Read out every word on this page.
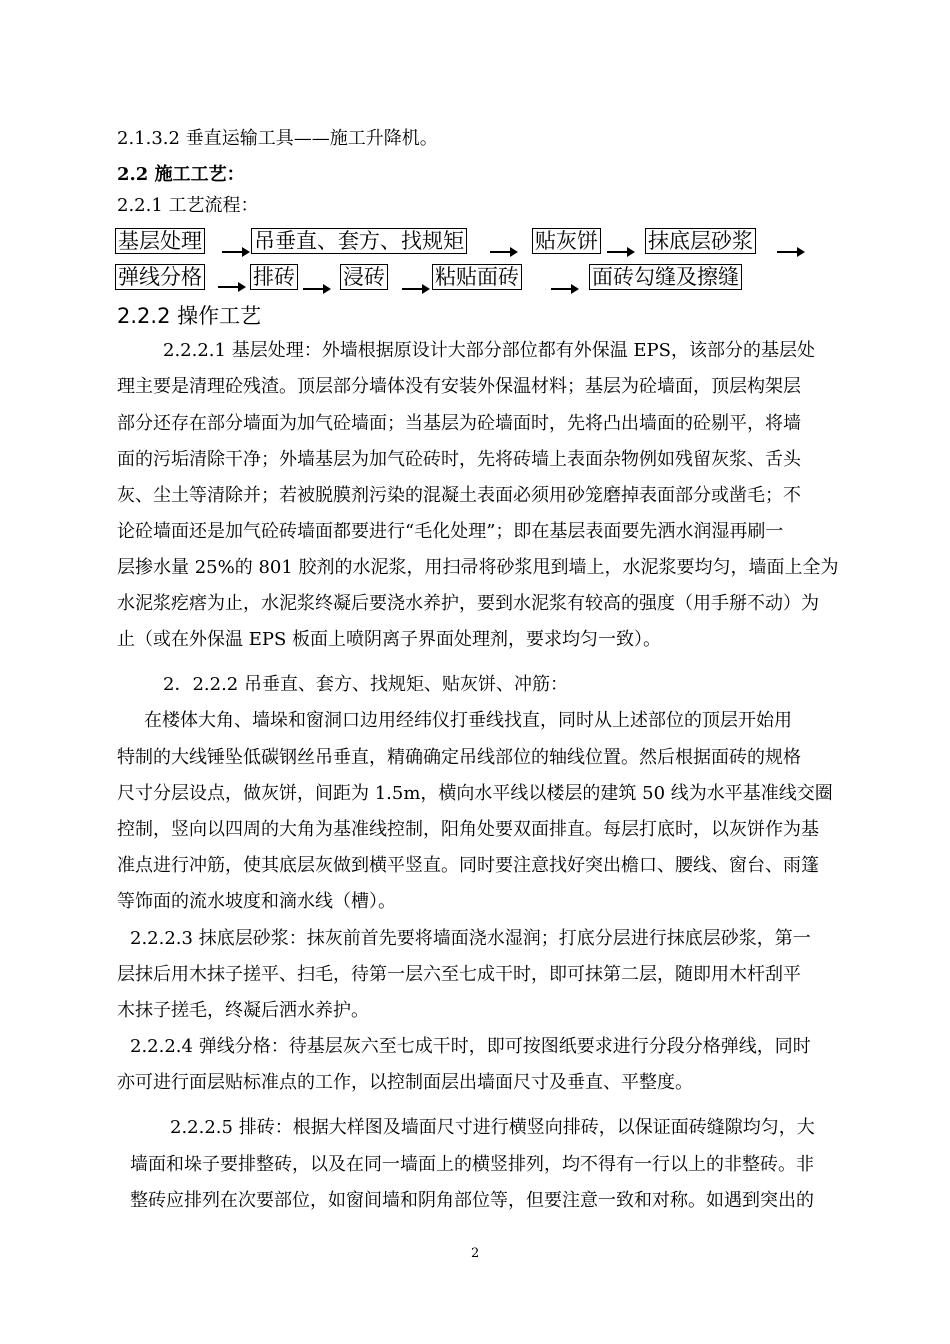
2.1.3.2 垂直运输工具——施工升降机。
2.2 施工工艺：
2.2.1 工艺流程：
基层处理 吊垂直、套方、找规矩	贴灰饼 抹底层砂浆
弹线分格 排砖 浸砖 粘贴面砖	面砖勾缝及擦缝
2.2.2 操作工艺
2.2.2.1 基层处理：外墙根据原设计大部分部位都有外保温 EPS，该部分的基层处
理主要是清理砼残渣。顶层部分墙体没有安装外保温材料；基层为砼墙面，顶层构架层
部分还存在部分墙面为加气砼墙面；当基层为砼墙面时，先将凸出墙面的砼剔平，将墙
面的污垢清除干净；外墙基层为加气砼砖时，先将砖墙上表面杂物例如残留灰浆、舌头
灰、尘土等清除并；若被脱膜剂污染的混凝土表面必须用砂笼磨掉表面部分或凿毛；不
论砼墙面还是加气砼砖墙面都要进行“毛化处理”；即在基层表面要先洒水润湿再刷一
层掺水量 25%的 801 胶剂的水泥浆，用扫帚将砂浆甩到墙上，水泥浆要均匀，墙面上全为
水泥浆疙瘩为止，水泥浆终凝后要浇水养护，要到水泥浆有较高的强度（用手掰不动）为
止（或在外保温 EPS 板面上喷阴离子界面处理剂，要求均匀一致）。
2．2.2.2 吊垂直、套方、找规矩、贴灰饼、冲筋：
在楼体大角、墙垛和窗洞口边用经纬仪打垂线找直，同时从上述部位的顶层开始用
特制的大线锤坠低碳钢丝吊垂直，精确确定吊线部位的轴线位置。然后根据面砖的规格
尺寸分层设点，做灰饼，间距为 1.5m，横向水平线以楼层的建筑 50 线为水平基准线交圈
控制，竖向以四周的大角为基准线控制，阳角处要双面排直。每层打底时，以灰饼作为基
准点进行冲筋，使其底层灰做到横平竖直。同时要注意找好突出檐口、腰线、窗台、雨篷
等饰面的流水坡度和滴水线（槽）。
2.2.2.3 抹底层砂浆：抹灰前首先要将墙面浇水湿润；打底分层进行抹底层砂浆，第一
层抹后用木抹子搓平、扫毛，待第一层六至七成干时，即可抹第二层，随即用木杆刮平
木抹子搓毛，终凝后洒水养护。
2.2.2.4 弹线分格：待基层灰六至七成干时，即可按图纸要求进行分段分格弹线，同时
亦可进行面层贴标准点的工作，以控制面层出墙面尺寸及垂直、平整度。
2.2.2.5 排砖：根据大样图及墙面尺寸进行横竖向排砖，以保证面砖缝隙均匀，大
墙面和垛子要排整砖，以及在同一墙面上的横竖排列，均不得有一行以上的非整砖。非
整砖应排列在次要部位，如窗间墙和阴角部位等，但要注意一致和对称。如遇到突出的
2
